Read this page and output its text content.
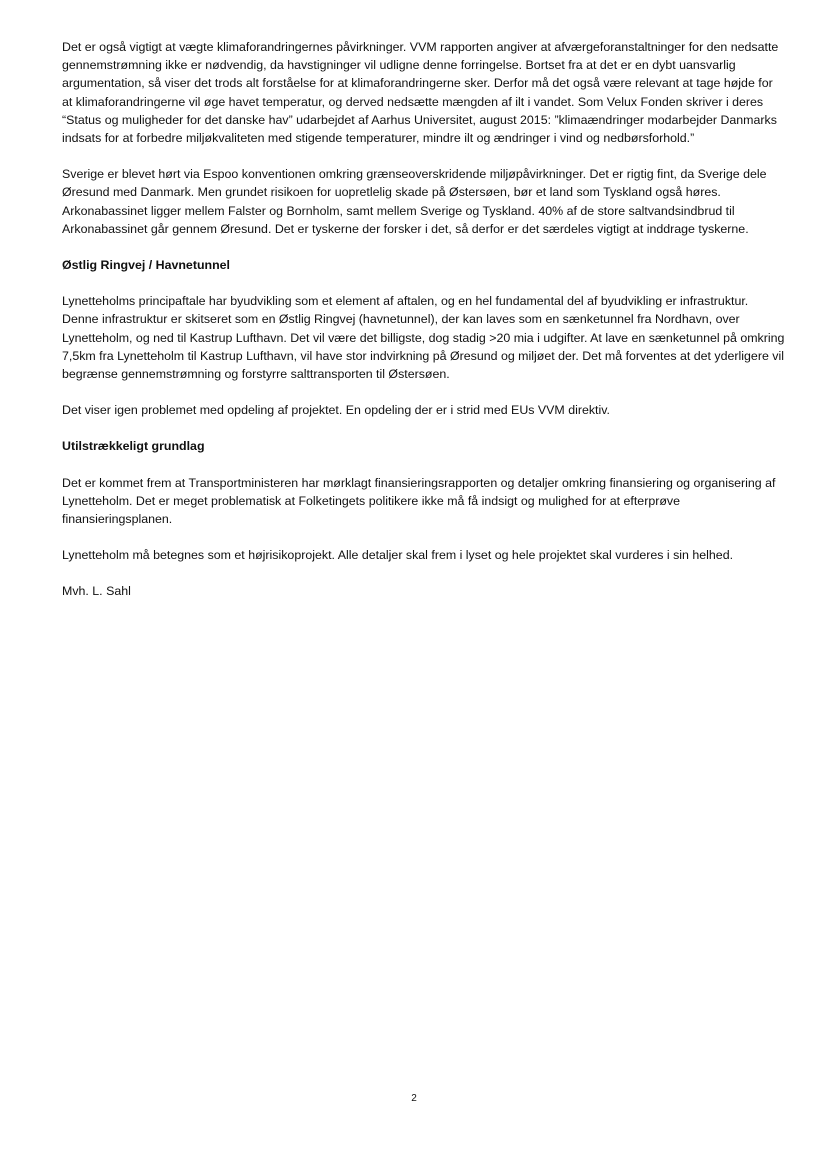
Det er også vigtigt at vægte klimaforandringernes påvirkninger. VVM rapporten angiver at afværgeforanstaltninger for den nedsatte gennemstrømning ikke er nødvendig, da havstigninger vil udligne denne forringelse. Bortset fra at det er en dybt uansvarlig argumentation, så viser det trods alt forståelse for at klimaforandringerne sker. Derfor må det også være relevant at tage højde for at klimaforandringerne vil øge havet temperatur, og derved nedsætte mængden af ilt i vandet. Som Velux Fonden skriver i deres “Status og muligheder for det danske hav” udarbejdet af Aarhus Universitet, august 2015: ”klimaændringer modarbejder Danmarks indsats for at forbedre miljøkvaliteten med stigende temperaturer, mindre ilt og ændringer i vind og nedbørsforhold.”

Sverige er blevet hørt via Espoo konventionen omkring grænseoverskridende miljøpåvirkninger. Det er rigtig fint, da Sverige dele Øresund med Danmark. Men grundet risikoen for uopretlelig skade på Østersøen, bør et land som Tyskland også høres. Arkonabassinet ligger mellem Falster og Bornholm, samt mellem Sverige og Tyskland. 40% af de store saltvandsindbrud til Arkonabassinet går gennem Øresund. Det er tyskerne der forsker i det, så derfor er det særdeles vigtigt at inddrage tyskerne.

Østlig Ringvej / Havnetunnel

Lynetteholms principaftale har byudvikling som et element af aftalen, og en hel fundamental del af byudvikling er infrastruktur. Denne infrastruktur er skitseret som en Østlig Ringvej (havnetunnel), der kan laves som en sænketunnel fra Nordhavn, over Lynetteholm, og ned til Kastrup Lufthavn. Det vil være det billigste, dog stadig >20 mia i udgifter. At lave en sænketunnel på omkring 7,5km fra Lynetteholm til Kastrup Lufthavn, vil have stor indvirkning på Øresund og miljøet der. Det må forventes at det yderligere vil begrænse gennemstrømning og forstyrre salttransporten til Østersøen.

Det viser igen problemet med opdeling af projektet. En opdeling der er i strid med EUs VVM direktiv.

Utilstrækkeligt grundlag

Det er kommet frem at Transportministeren har mørklagt finansieringsrapporten og detaljer omkring finansiering og organisering af Lynetteholm. Det er meget problematisk at Folketingets politikere ikke må få indsigt og mulighed for at efterprøve finansieringsplanen.

Lynetteholm må betegnes som et højrisikoprojekt. Alle detaljer skal frem i lyset og hele projektet skal vurderes i sin helhed.

Mvh. L. Sahl

2
